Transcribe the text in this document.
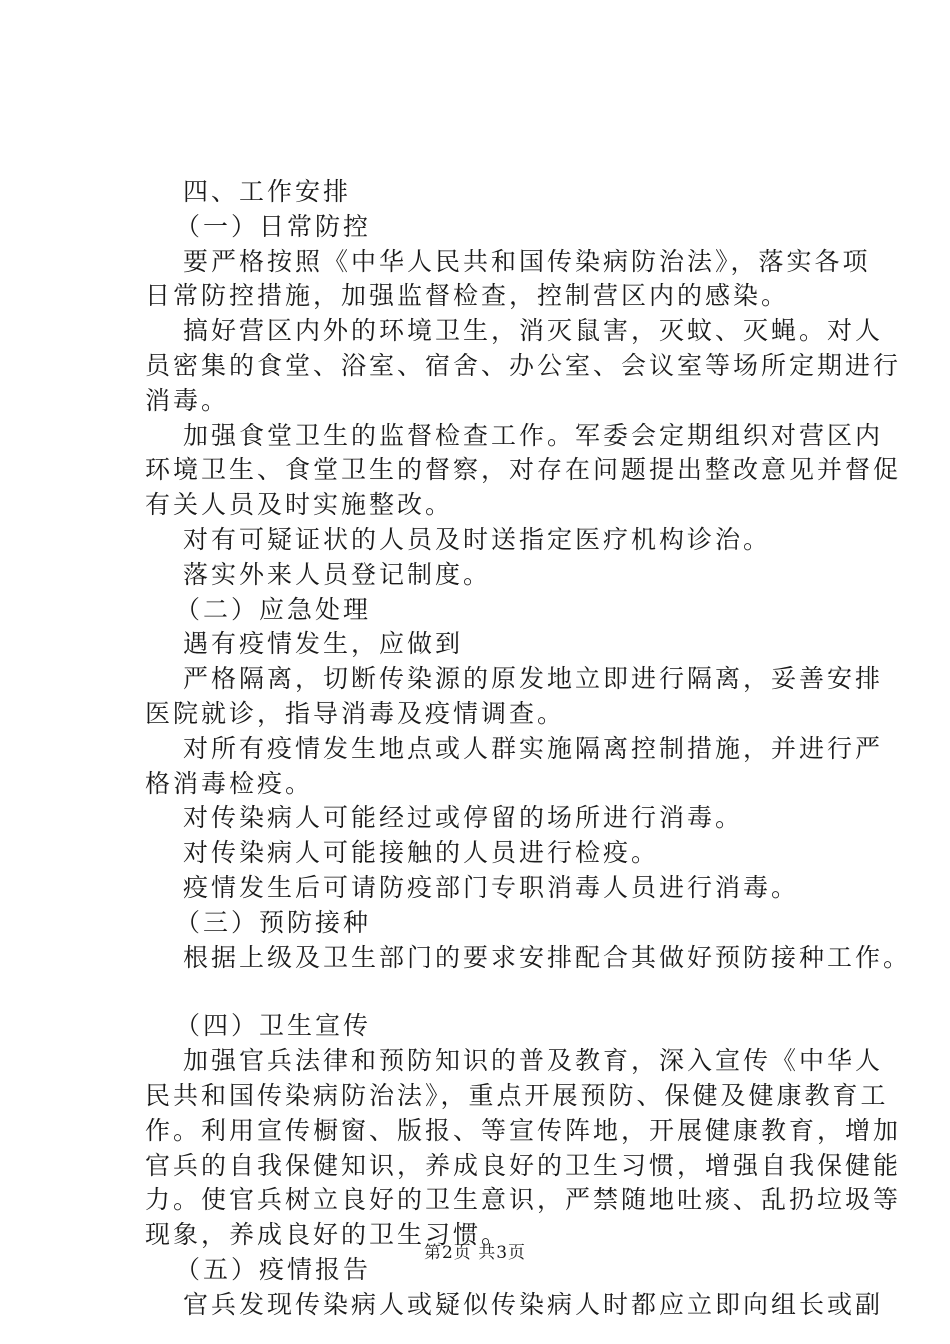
四、工作安排

（一）日常防控

要严格按照《中华人民共和国传染病防治法》，落实各项

日常防控措施，加强监督检查，控制营区内的感染。

搞好营区内外的环境卫生，消灭鼠害，灭蚊、灭蝇。对人

员密集的食堂、浴室、宿舍、办公室、会议室等场所定期进行

消毒。

加强食堂卫生的监督检查工作。军委会定期组织对营区内

环境卫生、食堂卫生的督察，对存在问题提出整改意见并督促

有关人员及时实施整改。

对有可疑证状的人员及时送指定医疗机构诊治。

落实外来人员登记制度。

（二）应急处理

遇有疫情发生，应做到

严格隔离，切断传染源的原发地立即进行隔离，妥善安排

医院就诊，指导消毒及疫情调查。

对所有疫情发生地点或人群实施隔离控制措施，并进行严

格消毒检疫。

对传染病人可能经过或停留的场所进行消毒。

对传染病人可能接触的人员进行检疫。

疫情发生后可请防疫部门专职消毒人员进行消毒。

（三）预防接种

根据上级及卫生部门的要求安排配合其做好预防接种工作。

（四）卫生宣传

加强官兵法律和预防知识的普及教育，深入宣传《中华人

民共和国传染病防治法》，重点开展预防、保健及健康教育工

作。利用宣传橱窗、版报、等宣传阵地，开展健康教育，增加

官兵的自我保健知识，养成良好的卫生习惯，增强自我保健能

力。使官兵树立良好的卫生意识，严禁随地吐痰、乱扔垃圾等

现象，养成良好的卫生习惯。

（五）疫情报告

官兵发现传染病人或疑似传染病人时都应立即向组长或副

第2页 共3页
